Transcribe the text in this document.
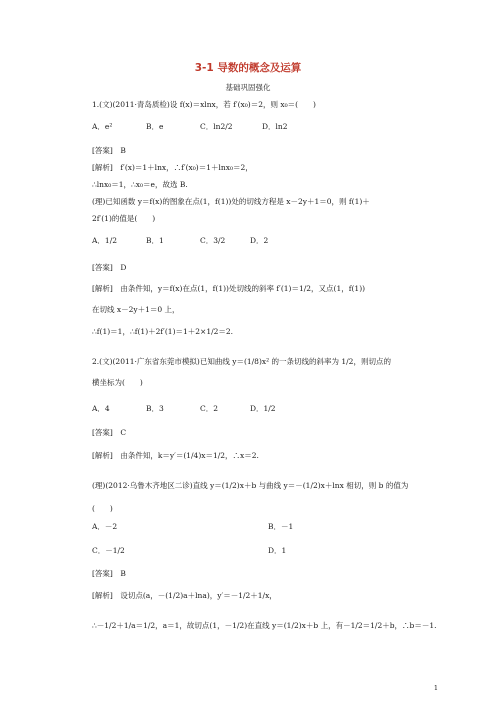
3-1 导数的概念及运算
基础巩固强化
1.(文)(2011·青岛质检)设 f(x)＝xlnx，若 f′(x₀)＝2，则 x₀＝(　　)
A．e²	B．e	C．ln2/2	D．ln2
[答案]　B
[解析]　f′(x)＝1＋lnx，∴f′(x₀)＝1＋lnx₀＝2，
∴lnx₀＝1，∴x₀＝e，故选 B.
(理)已知函数 y＝f(x)的图象在点(1，f(1))处的切线方程是 x－2y＋1＝0，则 f(1)＋
2f′(1)的值是(　　)
A．1/2	B．1	C．3/2	D．2
[答案]　D
[解析]　由条件知，y＝f(x)在点(1，f(1))处切线的斜率 f′(1)＝1/2，又点(1，f(1))
在切线 x－2y＋1＝0 上，
∴f(1)＝1，∴f(1)＋2f′(1)＝1＋2×1/2＝2.
2.(文)(2011·广东省东莞市模拟)已知曲线 y＝(1/8)x² 的一条切线的斜率为 1/2，则切点的
横坐标为(　　)
A．4	B．3	C．2	D．1/2
[答案]　C
[解析]　由条件知，k＝y′＝(1/4)x＝1/2，∴x＝2.
(理)(2012·乌鲁木齐地区二诊)直线 y＝(1/2)x＋b 与曲线 y＝－(1/2)x＋lnx 相切，则 b 的值为
(　　)
A．－2	B．－1
C．－1/2	D．1
[答案]　B
[解析]　设切点(a，－(1/2)a＋lna)，y′＝－1/2＋1/x，
∴－1/2＋1/a＝1/2，a＝1，故切点(1，－1/2)在直线 y＝(1/2)x＋b 上，有－1/2＝1/2＋b，∴b＝－1.
1
